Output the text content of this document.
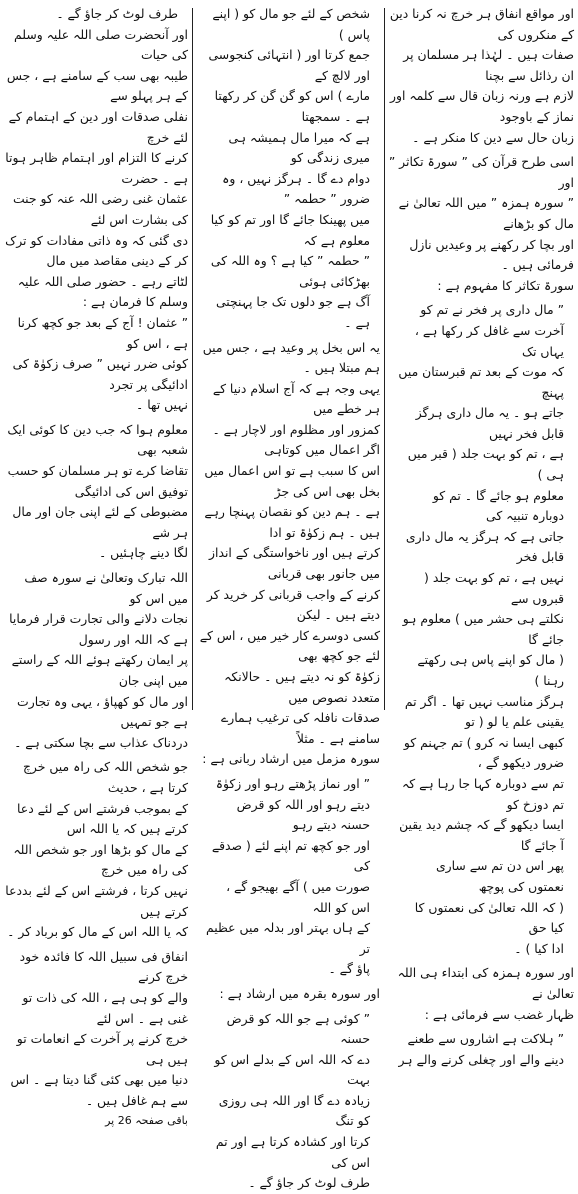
اور مواقع انفاق ہر خرچ نہ کرنا دین کے منکروں کی

صفات ہیں ۔ لہٰذا ہر مسلمان پر ان رذائل سے بچنا

لازم ہے ورنہ زبان قال سے کلمہ اور نماز کے باوجود

زبان حال سے دین کا منکر ہے ۔

اسی طرح قرآن کی ” سورۃ تکاثر ” اور

” سورہ ہمزہ ” میں اللہ تعالیٰ نے مال کو بڑھانے

اور بچا کر رکھنے پر وعیدیں نازل فرمائی ہیں ۔

سورۃ تکاثر کا مفہوم ہے :

” مال داری پر فخر نے تم کو

آخرت سے غافل کر رکھا ہے ، یہاں تک

کہ موت کے بعد تم قبرستان میں پہنچ

جاتے ہو ۔ یہ مال داری ہرگز قابل فخر نہیں

ہے ، تم کو بہت جلد ( قبر میں ہی )

معلوم ہو جائے گا ۔ تم کو دوبارہ تنبیہ کی

جاتی ہے کہ ہرگز یہ مال داری قابل فخر

نہیں ہے ، تم کو بہت جلد ( قبروں سے

نکلتے ہی حشر میں ) معلوم ہو جائے گا

( مال کو اپنے پاس ہی رکھتے رہنا )

ہرگز مناسب نہیں تھا ۔ اگر تم یقینی علم یا لو ( تو

کبھی ایسا نہ کرو ) تم جہنم کو ضرور دیکھو گے ،

تم سے دوبارہ کہا جا رہا ہے کہ تم دوزخ کو

ایسا دیکھو گے کہ چشم دید یقین آ جائے گا

پھر اس دن تم سے ساری نعمتوں کی پوچھ

( کہ اللہ تعالیٰ کی نعمتوں کا کیا حق

ادا کیا ) ۔

اور سورہ ہمزہ کی ابتداء ہی اللہ تعالیٰ نے

ظہار غضب سے فرمائی ہے :

” ہلاکت ہے اشاروں سے طعنے

دینے والے اور چغلی کرنے والے ہر

شخص کے لئے جو مال کو ( اپنے پاس )

جمع کرتا اور ( انتہائی کنجوسی اور لالچ کے

مارے ) اس کو گن گن کر رکھتا ہے ۔ سمجھتا

ہے کہ میرا مال ہمیشہ ہی میری زندگی کو

دوام دے گا ۔ ہرگز نہیں ، وہ ضرور ” حطمہ ”

میں پھینکا جائے گا اور تم کو کیا معلوم ہے کہ

” حطمہ ” کیا ہے ؟ وہ اللہ کی بھڑکائی ہوئی

آگ ہے جو دلوں تک جا پہنچتی ہے ۔

یہ اس بخل پر وعید ہے ، جس میں ہم مبتلا ہیں ۔

یہی وجہ ہے کہ آج اسلام دنیا کے ہر خطے میں

کمزور اور مظلوم اور لاچار ہے ۔ اگر اعمال میں کوتاہی

اس کا سبب ہے تو اس اعمال میں بخل بھی اس کی جڑ

ہے ۔ ہم دین کو نقصان پہنچا رہے ہیں ۔ ہم زکوٰۃ تو ادا

کرتے ہیں اور ناخواستگی کے انداز میں جانور بھی قربانی

کرنے کے واجب قربانی کر خرید کر دیتے ہیں ۔ لیکن

کسی دوسرے کار خیر میں ، اس کے لئے جو کچھ بھی

زکوٰۃ کو نہ دیتے ہیں ۔ حالانکہ متعدد نصوص میں

صدقات نافلہ کی ترغیب ہمارے سامنے ہے ۔ مثلاً

سورہ مزمل میں ارشاد ربانی ہے :

” اور نماز پڑھتے رہو اور زکوٰۃ

دیتے رہو اور اللہ کو قرض حسنہ دیتے رہو

اور جو کچھ تم اپنے لئے ( صدقے کی

صورت میں ) آگے بھیجو گے ، اس کو اللہ

کے ہاں بہتر اور بدلہ میں عظیم تر

پاؤ گے ۔

اور سورہ بقرہ میں ارشاد ہے :

” کوئی ہے جو اللہ کو قرض حسنہ

دے کہ اللہ اس کے بدلے اس کو بہت

زیادہ دے گا اور اللہ ہی روزی کو تنگ

کرتا اور کشادہ کرتا ہے اور تم اس کی

طرف لوٹ کر جاؤ گے ۔

طرف لوٹ کر جاؤ گے ۔

اور آنحضرت صلی اللہ علیہ وسلم کی حیات

طیبہ بھی سب کے سامنے ہے ، جس کے ہر پہلو سے

نفلی صدقات اور دین کے اہتمام کے لئے خرچ

کرنے کا التزام اور اہتمام ظاہر ہوتا ہے ۔ حضرت

عثمان غنی رضی اللہ عنہ کو جنت کی بشارت اس لئے

دی گئی کہ وہ ذاتی مفادات کو ترک کر کے دینی مقاصد میں مال

لٹاتے رہے ۔ حضور صلی اللہ علیہ وسلم کا فرمان ہے :

” عثمان ! آج کے بعد جو کچھ کرنا ہے ، اس کو

کوئی ضرر نہیں ” صرف زکوٰۃ کی ادائیگی پر تجرد

نہیں تھا ۔

معلوم ہوا کہ جب دین کا کوئی ایک شعبہ بھی

تقاضا کرے تو ہر مسلمان کو حسب توفیق اس کی ادائیگی

مضبوطی کے لئے اپنی جان اور مال ہر شے

لگا دینے چاہئیں ۔

اللہ تبارک وتعالیٰ نے سورہ صف میں اس کو

نجات دلانے والی تجارت قرار فرمایا ہے کہ اللہ اور رسول

پر ایمان رکھتے ہوئے اللہ کے راستے میں اپنی جان

اور مال کو کھپاؤ ، یہی وہ تجارت ہے جو تمہیں

دردناک عذاب سے بچا سکتی ہے ۔

جو شخص اللہ کی راہ میں خرچ کرتا ہے ، حدیث

کے بموجب فرشتے اس کے لئے دعا کرتے ہیں کہ یا اللہ اس

کے مال کو بڑھا اور جو شخص اللہ کی راہ میں خرچ

نہیں کرتا ، فرشتے اس کے لئے بددعا کرتے ہیں

کہ یا اللہ اس کے مال کو برباد کر ۔

انفاق فی سبیل اللہ کا فائدہ خود خرچ کرنے

والے کو ہی ہے ، اللہ کی ذات تو غنی ہے ۔ اس لئے

خرچ کرنے پر آخرت کے انعامات تو ہیں ہی

دنیا میں بھی کئی گنا دیتا ہے ۔ اس سے ہم غافل ہیں ۔

باقی صفحہ 26 پر
